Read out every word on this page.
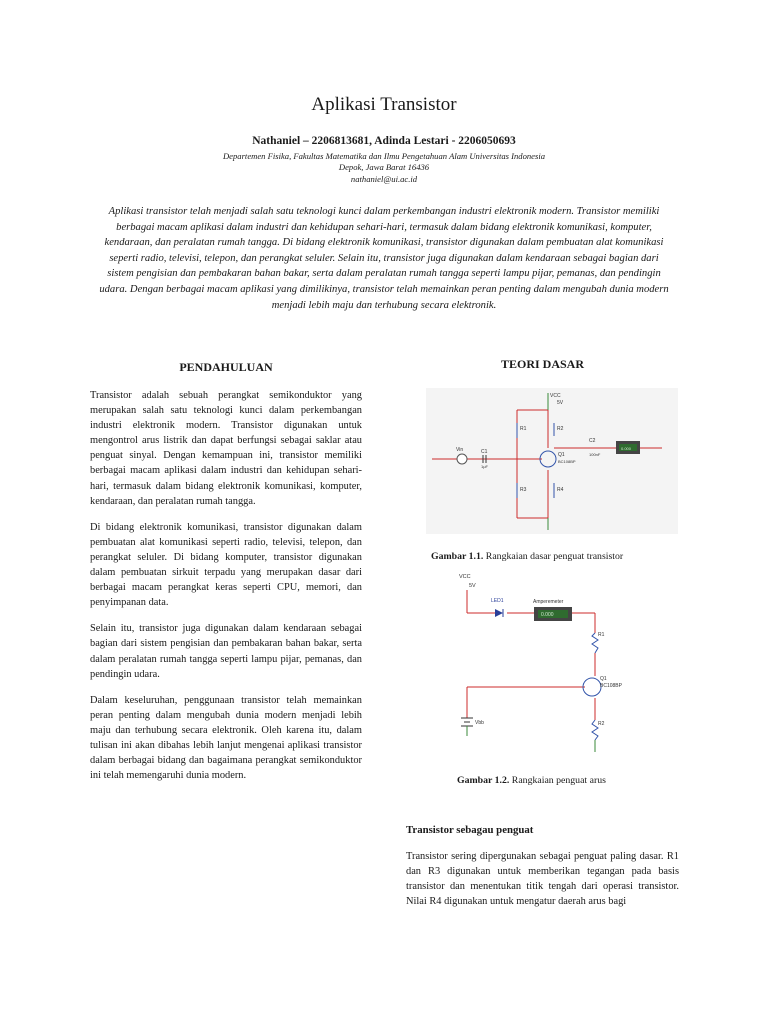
Aplikasi Transistor
Nathaniel – 2206813681, Adinda Lestari - 2206050693
Departemen Fisika, Fakultas Matematika dan Ilmu Pengetahuan Alam Universitas Indonesia
Depok, Jawa Barat 16436
nathaniel@ui.ac.id
Aplikasi transistor telah menjadi salah satu teknologi kunci dalam perkembangan industri elektronik modern. Transistor memiliki berbagai macam aplikasi dalam industri dan kehidupan sehari-hari, termasuk dalam bidang elektronik komunikasi, komputer, kendaraan, dan peralatan rumah tangga. Di bidang elektronik komunikasi, transistor digunakan dalam pembuatan alat komunikasi seperti radio, televisi, telepon, dan perangkat seluler. Selain itu, transistor juga digunakan dalam kendaraan sebagai bagian dari sistem pengisian dan pembakaran bahan bakar, serta dalam peralatan rumah tangga seperti lampu pijar, pemanas, dan pendingin udara. Dengan berbagai macam aplikasi yang dimilikinya, transistor telah memainkan peran penting dalam mengubah dunia modern menjadi lebih maju dan terhubung secara elektronik.
PENDAHULUAN

Transistor adalah sebuah perangkat semikonduktor yang merupakan salah satu teknologi kunci dalam perkembangan industri elektronik modern. Transistor digunakan untuk mengontrol arus listrik dan dapat berfungsi sebagai saklar atau penguat sinyal. Dengan kemampuan ini, transistor memiliki berbagai macam aplikasi dalam industri dan kehidupan sehari-hari, termasuk dalam bidang elektronik komunikasi, komputer, kendaraan, dan peralatan rumah tangga.

Di bidang elektronik komunikasi, transistor digunakan dalam pembuatan alat komunikasi seperti radio, televisi, telepon, dan perangkat seluler. Di bidang komputer, transistor digunakan dalam pembuatan sirkuit terpadu yang merupakan dasar dari berbagai macam perangkat keras seperti CPU, memori, dan penyimpanan data.

Selain itu, transistor juga digunakan dalam kendaraan sebagai bagian dari sistem pengisian dan pembakaran bahan bakar, serta dalam peralatan rumah tangga seperti lampu pijar, pemanas, dan pendingin udara.

Dalam keseluruhan, penggunaan transistor telah memainkan peran penting dalam mengubah dunia modern menjadi lebih maju dan terhubung secara elektronik. Oleh karena itu, dalam tulisan ini akan dibahas lebih lanjut mengenai aplikasi transistor dalam berbagai bidang dan bagaimana perangkat semikonduktor ini telah memengaruhi dunia modern.

TEORI DASAR
VCC
5V
R1	R2
R3	R4
C1
1μF
C2
100nF
Q1
BC108BP
Vin	0.000
Gambar 1.1. Rangkaian dasar penguat transistor
VCC
5V
LED1	Amperemeter
0.000
R1
Q1
BC108BP
R2
Vbb
Gambar 1.2. Rangkaian penguat arus
Transistor sebagau penguat

Transistor sering dipergunakan sebagai penguat paling dasar. R1 dan R3 digunakan untuk memberikan tegangan pada basis transistor dan menentukan titik tengah dari operasi transistor. Nilai R4 digunakan untuk mengatur daerah arus bagi
